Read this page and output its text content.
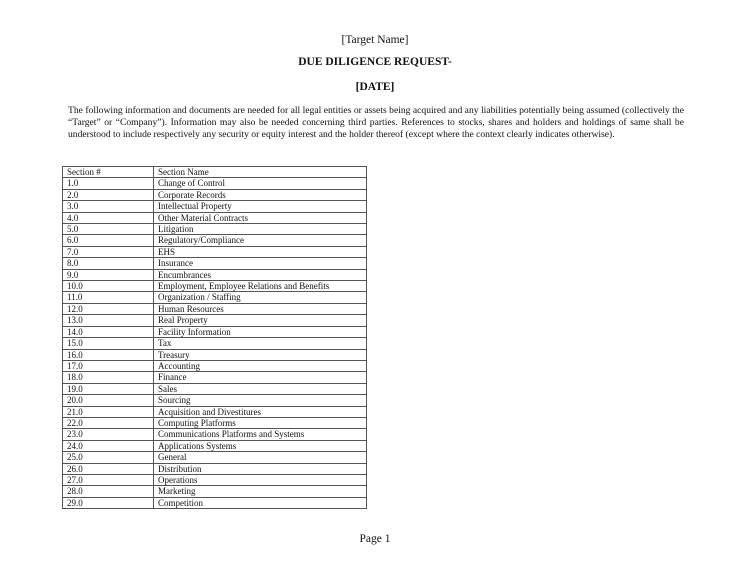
[Target Name]
DUE DILIGENCE REQUEST-
[DATE]

The following information and documents are needed for all legal entities or assets being acquired and any liabilities potentially being assumed (collectively the “Target” or “Company”). Information may also be needed concerning third parties. References to stocks, shares and holders and holdings of same shall be understood to include respectively any security or equity interest and the holder thereof (except where the context clearly indicates otherwise).

Section #	Section Name
1.0	Change of Control
2.0	Corporate Records
3.0	Intellectual Property
4.0	Other Material Contracts
5.0	Litigation
6.0	Regulatory/Compliance
7.0	EHS
8.0	Insurance
9.0	Encumbrances
10.0	Employment, Employee Relations and Benefits
11.0	Organization / Staffing
12.0	Human Resources
13.0	Real Property
14.0	Facility Information
15.0	Tax
16.0	Treasury
17.0	Accounting
18.0	Finance
19.0	Sales
20.0	Sourcing
21.0	Acquisition and Divestitures
22.0	Computing Platforms
23.0	Communications Platforms and Systems
24.0	Applications Systems
25.0	General
26.0	Distribution
27.0	Operations
28.0	Marketing
29.0	Competition
Page 1
